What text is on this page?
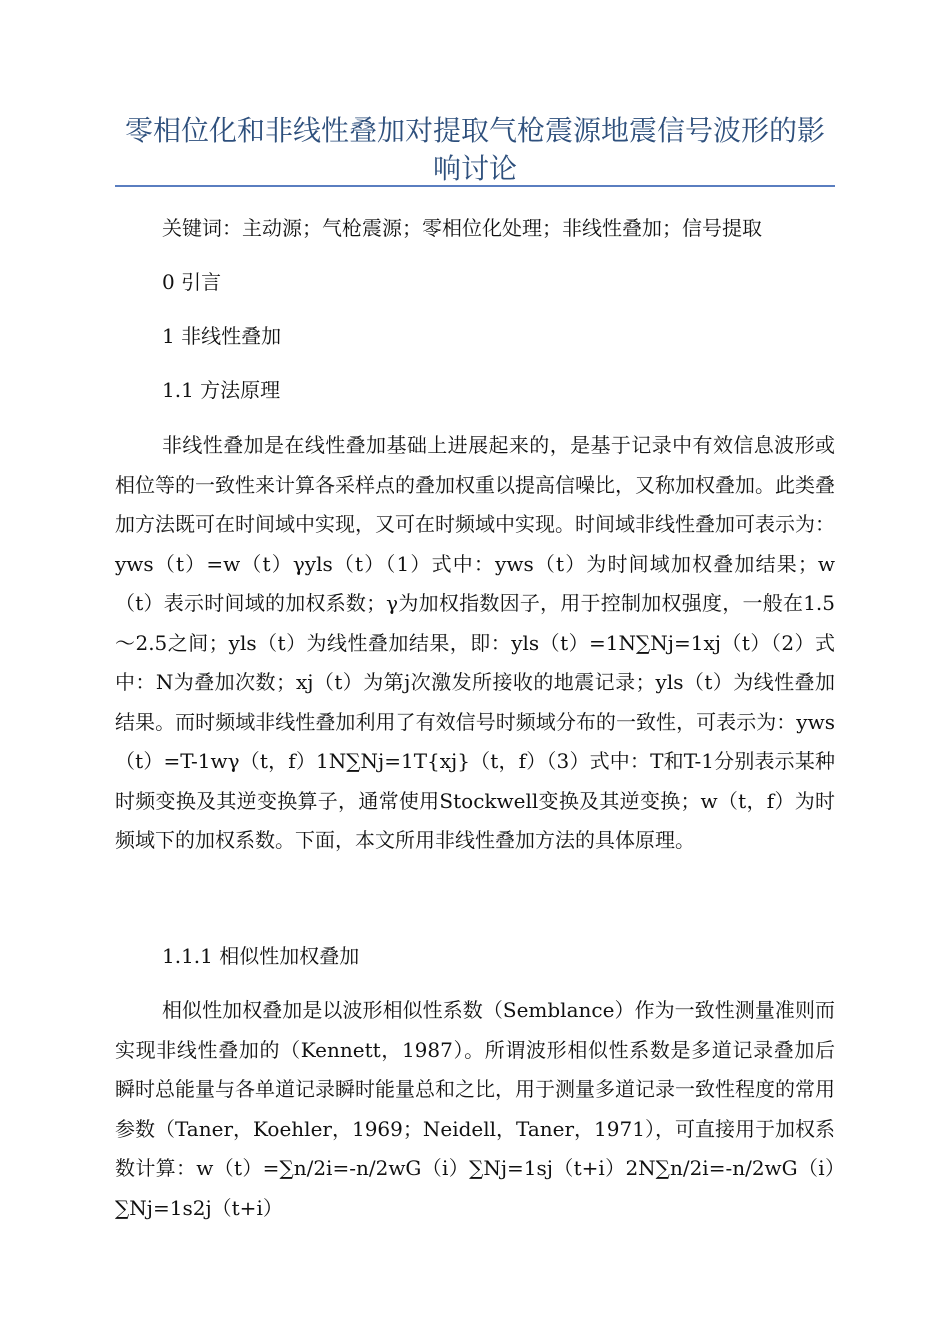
零相位化和非线性叠加对提取气枪震源地震信号波形的影响讨论
关键词：主动源；气枪震源；零相位化处理；非线性叠加；信号提取
0 引言
1 非线性叠加
1.1 方法原理
非线性叠加是在线性叠加基础上进展起来的，是基于记录中有效信息波形或相位等的一致性来计算各采样点的叠加权重以提高信噪比，又称加权叠加。此类叠加方法既可在时间域中实现，又可在时频域中实现。时间域非线性叠加可表示为：yws（t）=w（t）γyls（t）（1）式中：yws（t）为时间域加权叠加结果；w（t）表示时间域的加权系数；γ为加权指数因子，用于控制加权强度，一般在1.5～2.5之间；yls（t）为线性叠加结果，即：yls（t）=1N∑Nj=1xj（t）（2）式中：N为叠加次数；xj（t）为第j次激发所接收的地震记录；yls（t）为线性叠加结果。而时频域非线性叠加利用了有效信号时频域分布的一致性，可表示为：yws（t）=T-1wγ（t，f）1N∑Nj=1T{xj}（t，f）（3）式中：T和T-1分别表示某种时频变换及其逆变换算子，通常使用Stockwell变换及其逆变换；w（t，f）为时频域下的加权系数。下面，本文所用非线性叠加方法的具体原理。
1.1.1 相似性加权叠加
相似性加权叠加是以波形相似性系数（Semblance）作为一致性测量准则而实现非线性叠加的（Kennett，1987）。所谓波形相似性系数是多道记录叠加后瞬时总能量与各单道记录瞬时能量总和之比，用于测量多道记录一致性程度的常用参数（Taner，Koehler，1969；Neidell，Taner，1971），可直接用于加权系数计算：w（t）=∑n/2i=-n/2wG（i）∑Nj=1sj（t+i）2N∑n/2i=-n/2wG（i）∑Nj=1s2j（t+i）
